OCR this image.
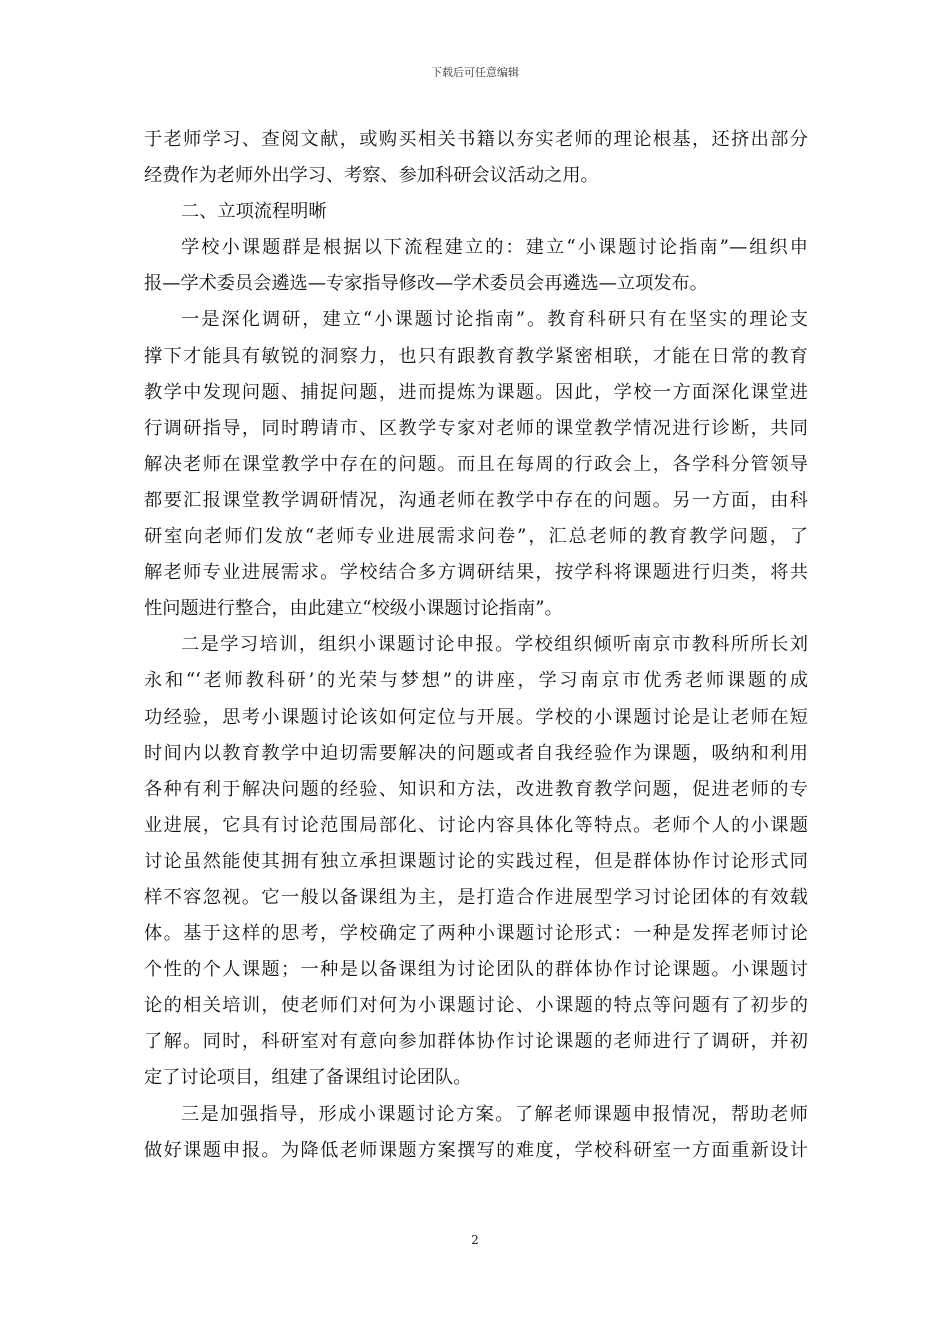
下载后可任意编辑
于老师学习、查阅文献，或购买相关书籍以夯实老师的理论根基，还挤出部分
经费作为老师外出学习、考察、参加科研会议活动之用。
二、立项流程明晰
学校小课题群是根据以下流程建立的：建立“小课题讨论指南”—组织申
报—学术委员会遴选—专家指导修改—学术委员会再遴选—立项发布。
一是深化调研，建立“小课题讨论指南”。教育科研只有在坚实的理论支
撑下才能具有敏锐的洞察力，也只有跟教育教学紧密相联，才能在日常的教育
教学中发现问题、捕捉问题，进而提炼为课题。因此，学校一方面深化课堂进
行调研指导，同时聘请市、区教学专家对老师的课堂教学情况进行诊断，共同
解决老师在课堂教学中存在的问题。而且在每周的行政会上，各学科分管领导
都要汇报课堂教学调研情况，沟通老师在教学中存在的问题。另一方面，由科
研室向老师们发放“老师专业进展需求问卷”，汇总老师的教育教学问题，了
解老师专业进展需求。学校结合多方调研结果，按学科将课题进行归类，将共
性问题进行整合，由此建立“校级小课题讨论指南”。
二是学习培训，组织小课题讨论申报。学校组织倾听南京市教科所所长刘
永和“‘老师教科研’的光荣与梦想”的讲座，学习南京市优秀老师课题的成
功经验，思考小课题讨论该如何定位与开展。学校的小课题讨论是让老师在短
时间内以教育教学中迫切需要解决的问题或者自我经验作为课题，吸纳和利用
各种有利于解决问题的经验、知识和方法，改进教育教学问题，促进老师的专
业进展，它具有讨论范围局部化、讨论内容具体化等特点。老师个人的小课题
讨论虽然能使其拥有独立承担课题讨论的实践过程，但是群体协作讨论形式同
样不容忽视。它一般以备课组为主，是打造合作进展型学习讨论团体的有效载
体。基于这样的思考，学校确定了两种小课题讨论形式：一种是发挥老师讨论
个性的个人课题；一种是以备课组为讨论团队的群体协作讨论课题。小课题讨
论的相关培训，使老师们对何为小课题讨论、小课题的特点等问题有了初步的
了解。同时，科研室对有意向参加群体协作讨论课题的老师进行了调研，并初
定了讨论项目，组建了备课组讨论团队。
三是加强指导，形成小课题讨论方案。了解老师课题申报情况，帮助老师
做好课题申报。为降低老师课题方案撰写的难度，学校科研室一方面重新设计
2
